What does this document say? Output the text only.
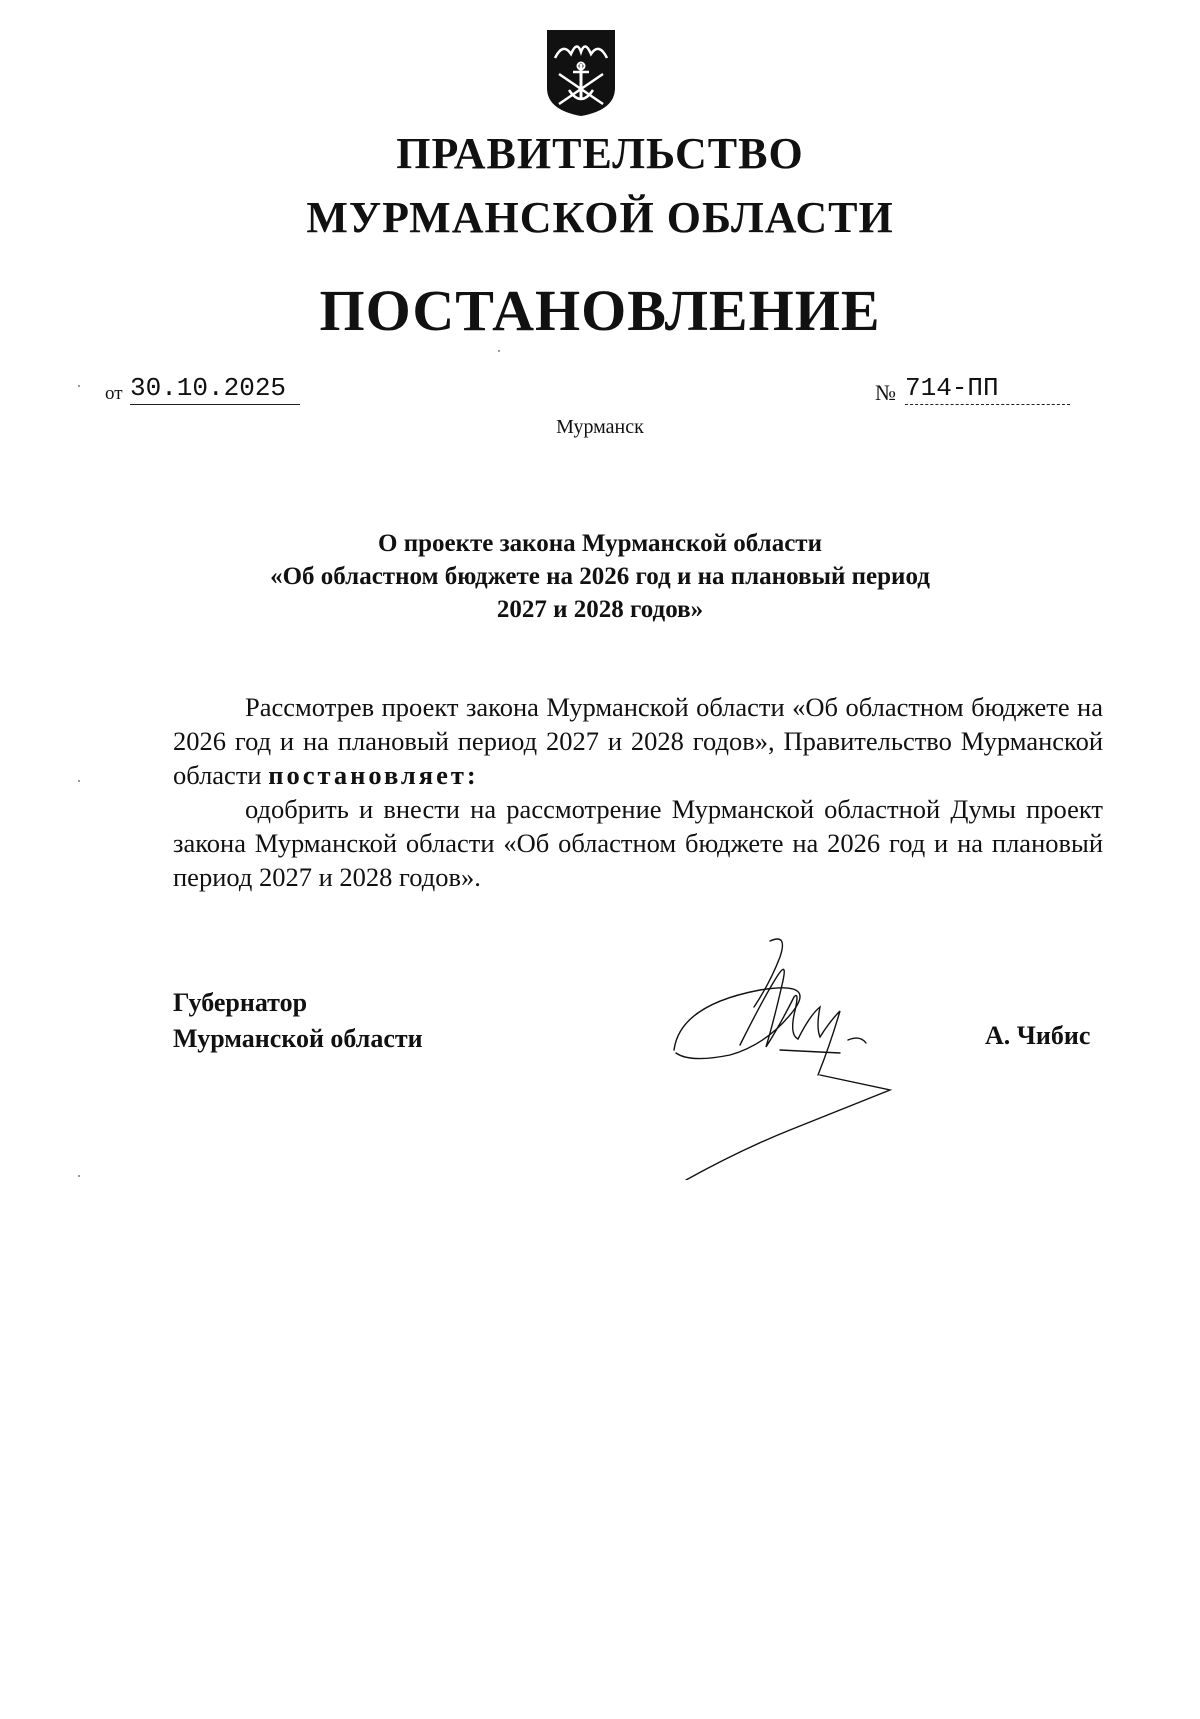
ПРАВИТЕЛЬСТВО
МУРМАНСКОЙ ОБЛАСТИ
ПОСТАНОВЛЕНИЕ
от 30.10.2025	№ 714-ПП
Мурманск
О проекте закона Мурманской области
«Об областном бюджете на 2026 год и на плановый период
2027 и 2028 годов»

Рассмотрев проект закона Мурманской области «Об областном бюджете на 2026 год и на плановый период 2027 и 2028 годов», Правительство Мурманской области постановляет:

одобрить и внести на рассмотрение Мурманской областной Думы проект закона Мурманской области «Об областном бюджете на 2026 год и на плановый период 2027 и 2028 годов».

Губернатор
Мурманской области	А. Чибис
